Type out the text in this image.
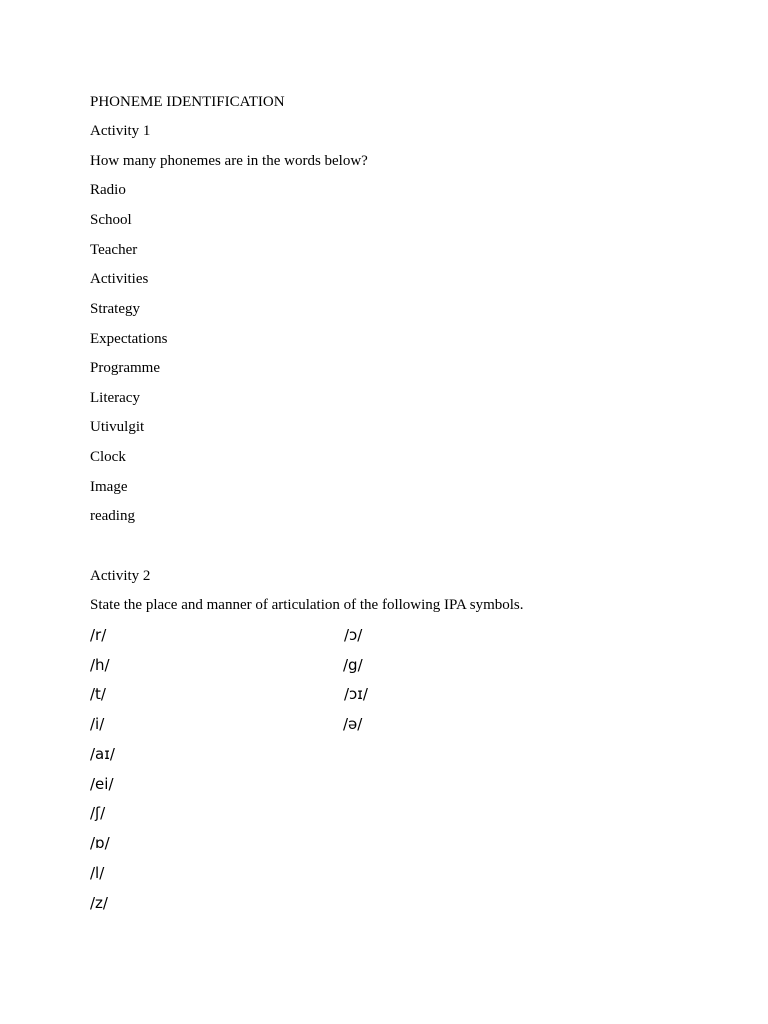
PHONEME IDENTIFICATION
Activity 1
How many phonemes are in the words below?
Radio
School
Teacher
Activities
Strategy
Expectations
Programme
Literacy
Utivulgit
Clock
Image
reading
Activity 2
State the place and manner of articulation of the following IPA symbols.
/r/
/h/
/t/
/i/
/aɪ/
/ei/
/ʃ/
/ɒ/
/l/
/z/
/ɔ/
/g/
/ɔɪ/
/ə/
